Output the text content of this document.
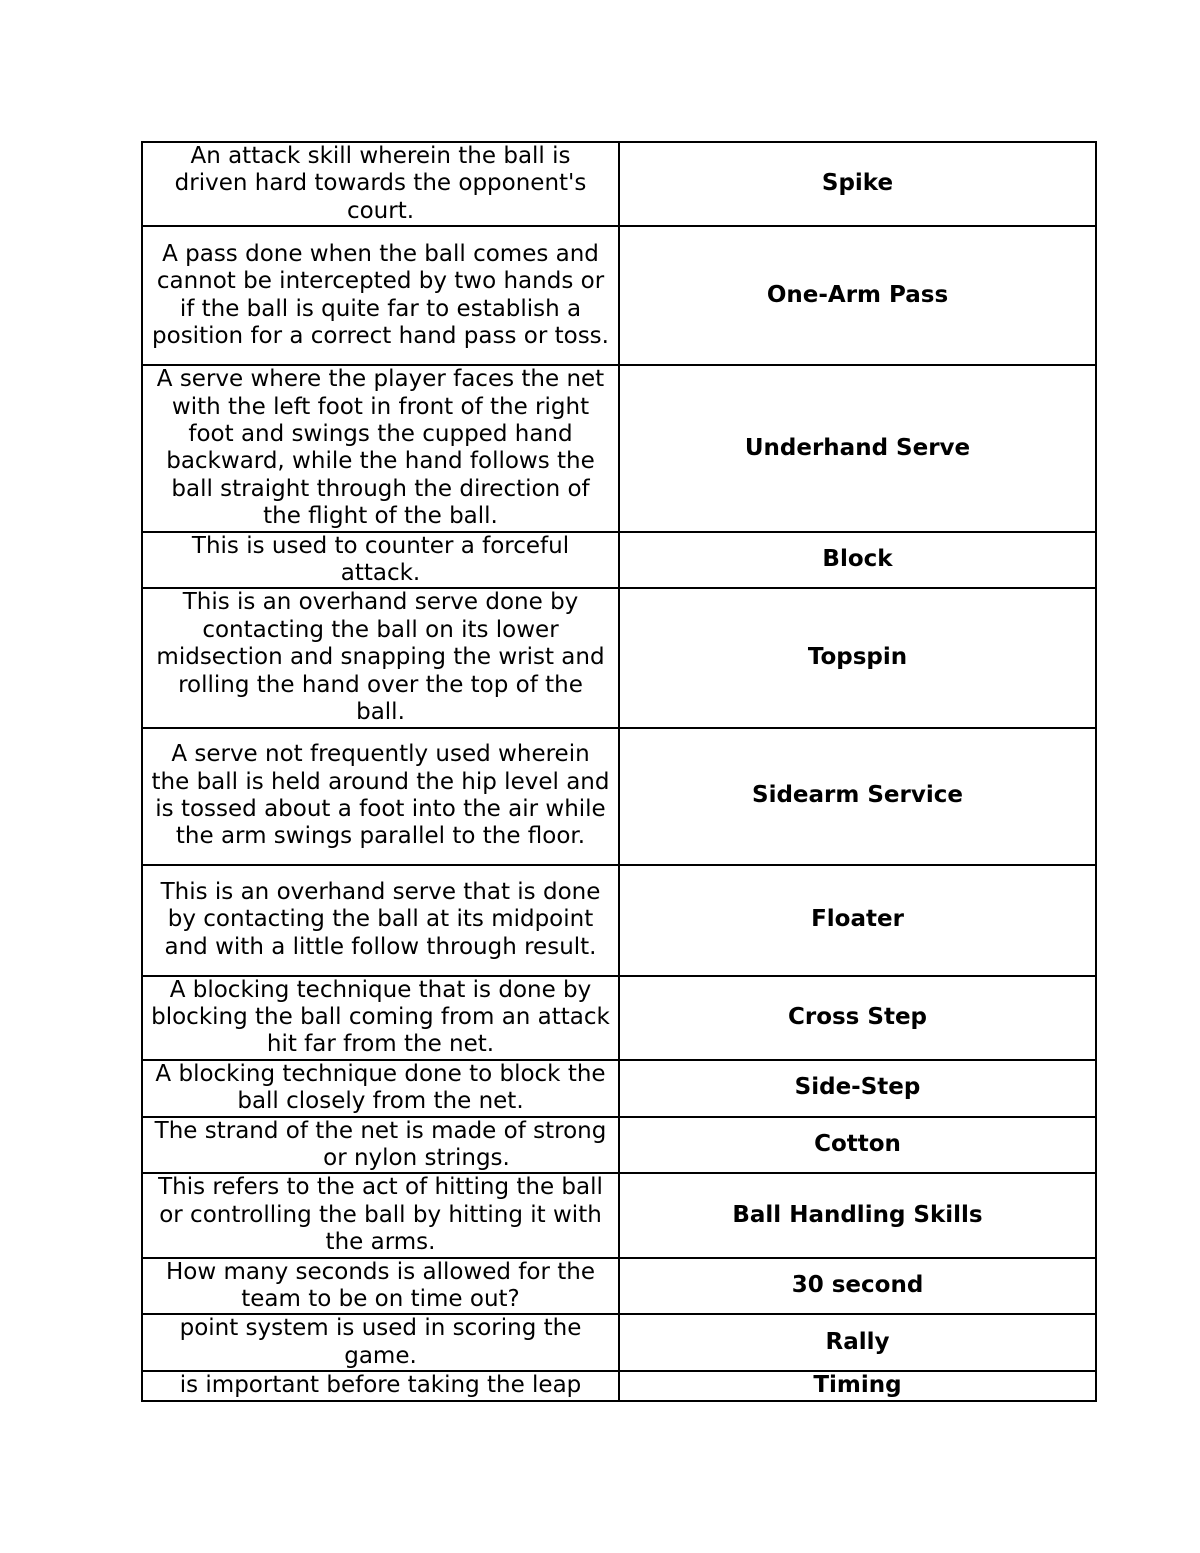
An attack skill wherein the ball is driven hard towards the opponent's court.	Spike
A pass done when the ball comes and cannot be intercepted by two hands or if the ball is quite far to establish a position for a correct hand pass or toss.	One-Arm Pass
A serve where the player faces the net with the left foot in front of the right foot and swings the cupped hand backward, while the hand follows the ball straight through the direction of the flight of the ball.	Underhand Serve
This is used to counter a forceful attack.	Block
This is an overhand serve done by contacting the ball on its lower midsection and snapping the wrist and rolling the hand over the top of the ball.	Topspin
A serve not frequently used wherein the ball is held around the hip level and is tossed about a foot into the air while the arm swings parallel to the floor.	Sidearm Service
This is an overhand serve that is done by contacting the ball at its midpoint and with a little follow through result.	Floater
A blocking technique that is done by blocking the ball coming from an attack hit far from the net.	Cross Step
A blocking technique done to block the ball closely from the net.	Side-Step
The strand of the net is made of strongor nylon strings.	Cotton
This refers to the act of hitting the ball or controlling the ball by hitting it with the arms.	Ball Handling Skills
How many seconds is allowed for the team to be on time out?	30 second
point system is used in scoring the game.	Rally
is important before taking the leap	Timing
